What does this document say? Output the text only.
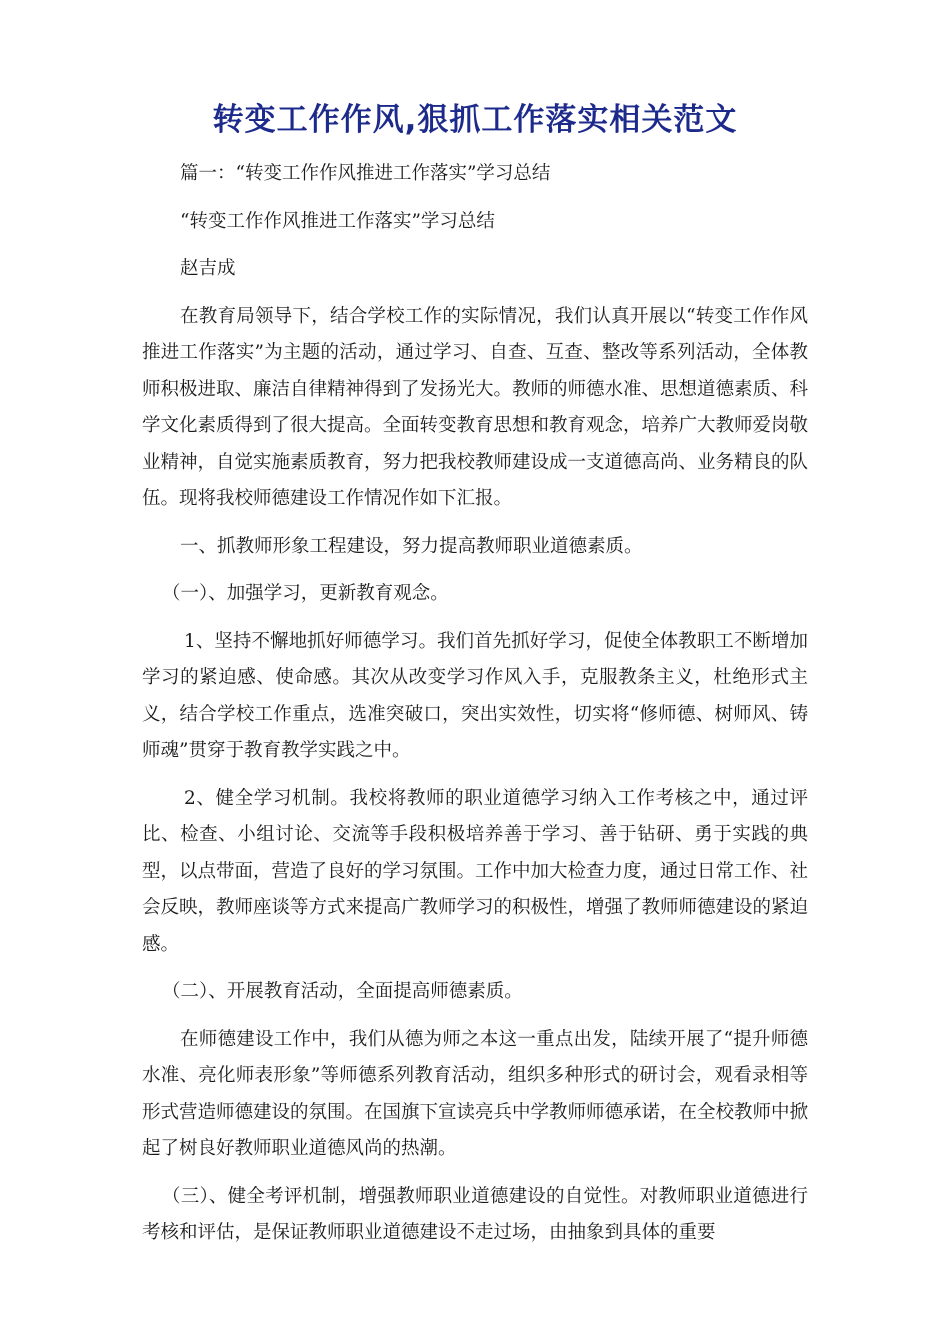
转变工作作风,狠抓工作落实相关范文

篇一：“转变工作作风推进工作落实”学习总结

“转变工作作风推进工作落实”学习总结

赵吉成

在教育局领导下，结合学校工作的实际情况，我们认真开展以“转变工作作风推进工作落实”为主题的活动，通过学习、自查、互查、整改等系列活动，全体教师积极进取、廉洁自律精神得到了发扬光大。教师的师德水准、思想道德素质、科学文化素质得到了很大提高。全面转变教育思想和教育观念，培养广大教师爱岗敬业精神，自觉实施素质教育，努力把我校教师建设成一支道德高尚、业务精良的队伍。现将我校师德建设工作情况作如下汇报。

一、抓教师形象工程建设，努力提高教师职业道德素质。

（一）、加强学习，更新教育观念。

1、坚持不懈地抓好师德学习。我们首先抓好学习，促使全体教职工不断增加学习的紧迫感、使命感。其次从改变学习作风入手，克服教条主义，杜绝形式主义，结合学校工作重点，选准突破口，突出实效性，切实将“修师德、树师风、铸师魂”贯穿于教育教学实践之中。

2、健全学习机制。我校将教师的职业道德学习纳入工作考核之中，通过评比、检查、小组讨论、交流等手段积极培养善于学习、善于钻研、勇于实践的典型，以点带面，营造了良好的学习氛围。工作中加大检查力度，通过日常工作、社会反映，教师座谈等方式来提高广教师学习的积极性，增强了教师师德建设的紧迫感。

（二）、开展教育活动，全面提高师德素质。

在师德建设工作中，我们从德为师之本这一重点出发，陆续开展了“提升师德水准、亮化师表形象”等师德系列教育活动，组织多种形式的研讨会，观看录相等形式营造师德建设的氛围。在国旗下宣读亮兵中学教师师德承诺，在全校教师中掀起了树良好教师职业道德风尚的热潮。

（三）、健全考评机制，增强教师职业道德建设的自觉性。对教师职业道德进行考核和评估，是保证教师职业道德建设不走过场，由抽象到具体的重要
